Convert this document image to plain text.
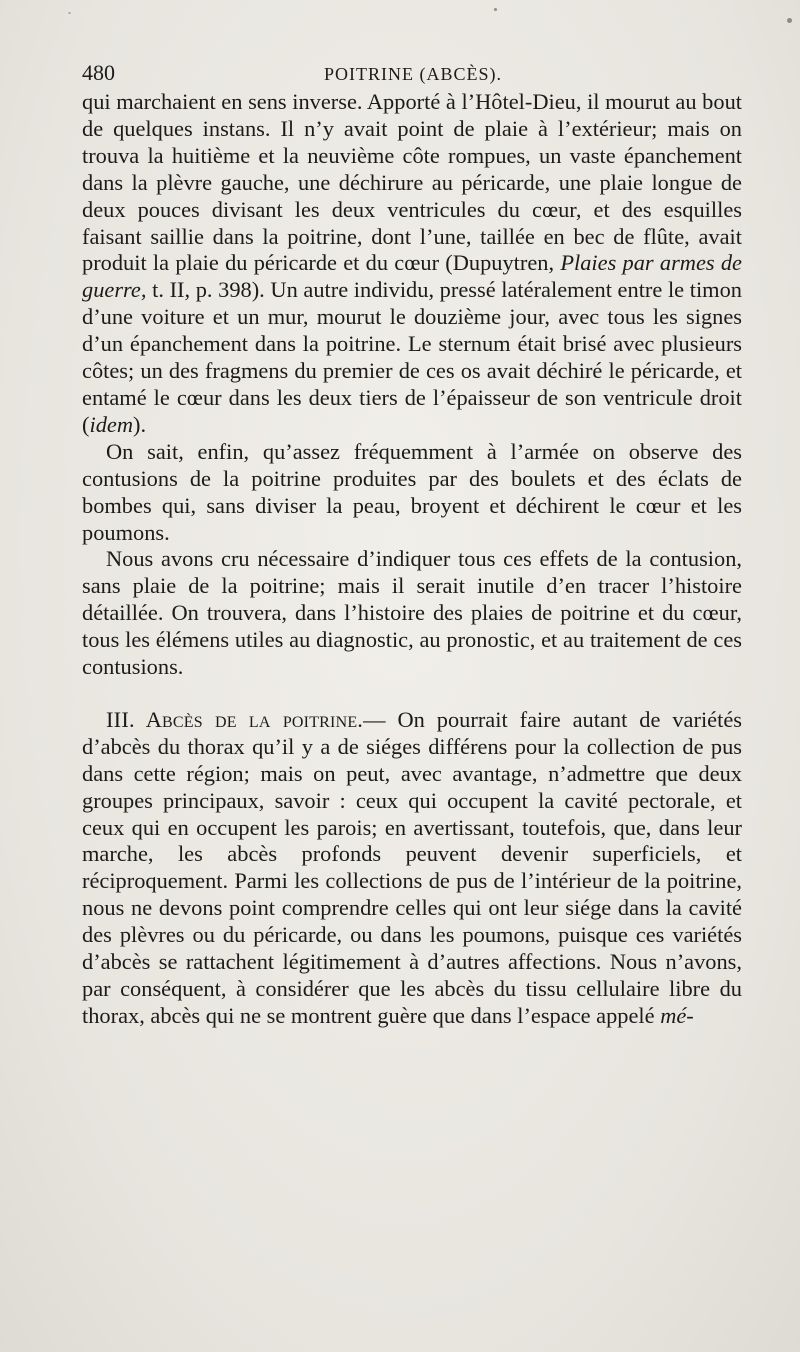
480	POITRINE (ABCÈS).

qui marchaient en sens inverse. Apporté à l’Hôtel-Dieu, il mourut au bout de quelques instans. Il n’y avait point de plaie à l’extérieur; mais on trouva la huitième et la neuvième côte rompues, un vaste épanchement dans la plèvre gauche, une déchirure au péricarde, une plaie longue de deux pouces divisant les deux ventricules du cœur, et des esquilles faisant saillie dans la poitrine, dont l’une, taillée en bec de flûte, avait produit la plaie du péricarde et du cœur (Dupuytren, Plaies par armes de guerre, t. II, p. 398). Un autre individu, pressé latéralement entre le timon d’une voiture et un mur, mourut le douzième jour, avec tous les signes d’un épanchement dans la poitrine. Le sternum était brisé avec plusieurs côtes; un des fragmens du premier de ces os avait déchiré le péricarde, et entamé le cœur dans les deux tiers de l’épaisseur de son ventricule droit (idem).

On sait, enfin, qu’assez fréquemment à l’armée on observe des contusions de la poitrine produites par des boulets et des éclats de bombes qui, sans diviser la peau, broyent et déchirent le cœur et les poumons.

Nous avons cru nécessaire d’indiquer tous ces effets de la contusion, sans plaie de la poitrine; mais il serait inutile d’en tracer l’histoire détaillée. On trouvera, dans l’histoire des plaies de poitrine et du cœur, tous les élémens utiles au diagnostic, au pronostic, et au traitement de ces contusions.

III. Abcès de la poitrine.— On pourrait faire autant de variétés d’abcès du thorax qu’il y a de siéges différens pour la collection de pus dans cette région; mais on peut, avec avantage, n’admettre que deux groupes principaux, savoir : ceux qui occupent la cavité pectorale, et ceux qui en occupent les parois; en avertissant, toutefois, que, dans leur marche, les abcès profonds peuvent devenir superficiels, et réciproquement. Parmi les collections de pus de l’intérieur de la poitrine, nous ne devons point comprendre celles qui ont leur siége dans la cavité des plèvres ou du péricarde, ou dans les poumons, puisque ces variétés d’abcès se rattachent légitimement à d’autres affections. Nous n’avons, par conséquent, à considérer que les abcès du tissu cellulaire libre du thorax, abcès qui ne se montrent guère que dans l’espace appelé mé-
